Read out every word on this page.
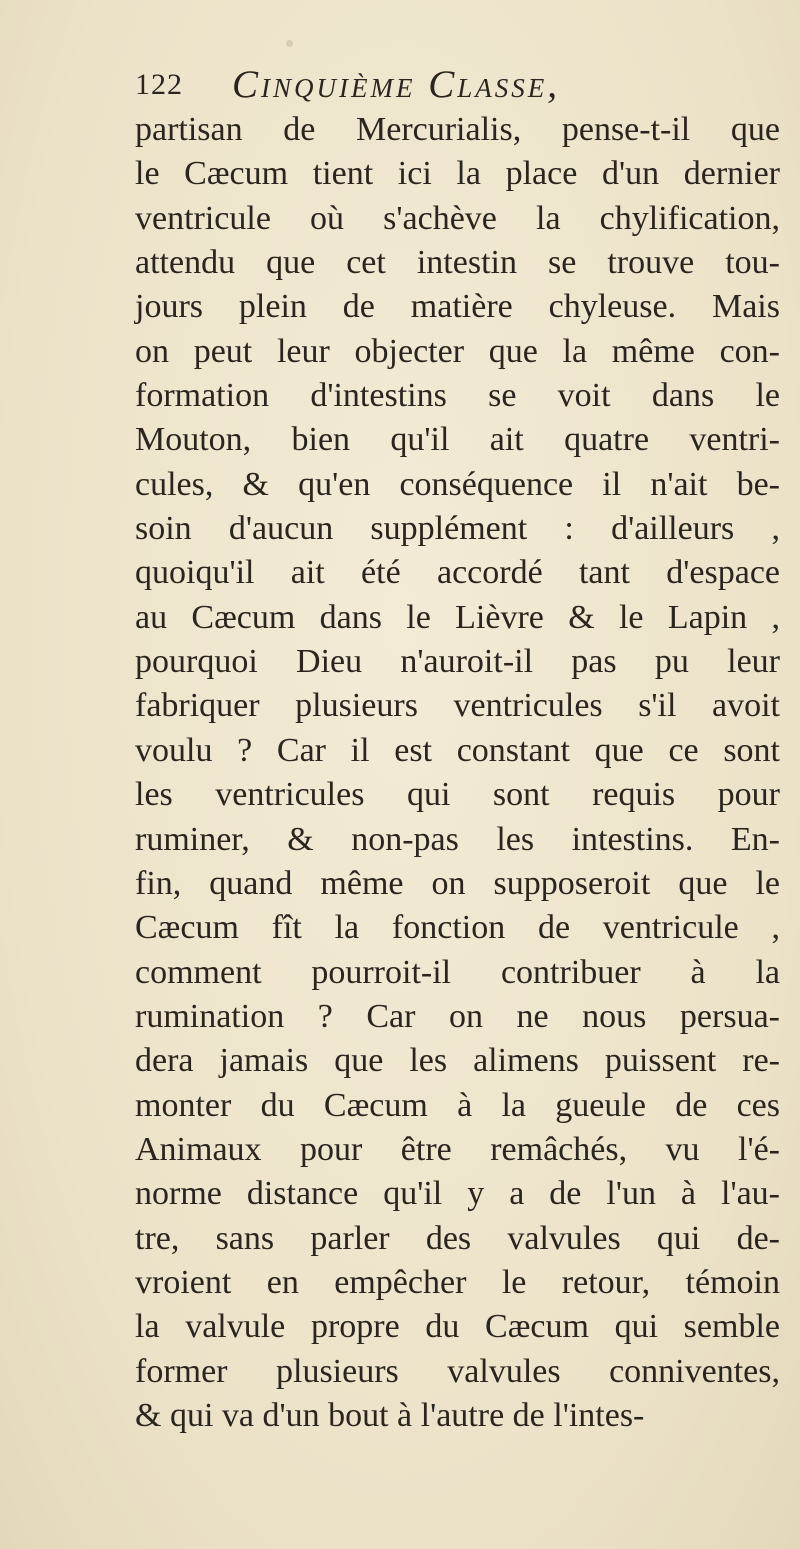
122 Cinquième Classe,
partisan de Mercurialis, pense-t-il que
le Cæcum tient ici la place d'un dernier
ventricule où s'achève la chylification,
attendu que cet intestin se trouve tou-
jours plein de matière chyleuse. Mais
on peut leur objecter que la même con-
formation d'intestins se voit dans le
Mouton, bien qu'il ait quatre ventri-
cules, & qu'en conséquence il n'ait be-
soin d'aucun supplément : d'ailleurs ,
quoiqu'il ait été accordé tant d'espace
au Cæcum dans le Lièvre & le Lapin ,
pourquoi Dieu n'auroit-il pas pu leur
fabriquer plusieurs ventricules s'il avoit
voulu ? Car il est constant que ce sont
les ventricules qui sont requis pour
ruminer, & non-pas les intestins. En-
fin, quand même on supposeroit que le
Cæcum fît la fonction de ventricule ,
comment pourroit-il contribuer à la
rumination ? Car on ne nous persua-
dera jamais que les alimens puissent re-
monter du Cæcum à la gueule de ces
Animaux pour être remâchés, vu l'é-
norme distance qu'il y a de l'un à l'au-
tre, sans parler des valvules qui de-
vroient en empêcher le retour, témoin
la valvule propre du Cæcum qui semble
former plusieurs valvules conniventes,
& qui va d'un bout à l'autre de l'intes-
